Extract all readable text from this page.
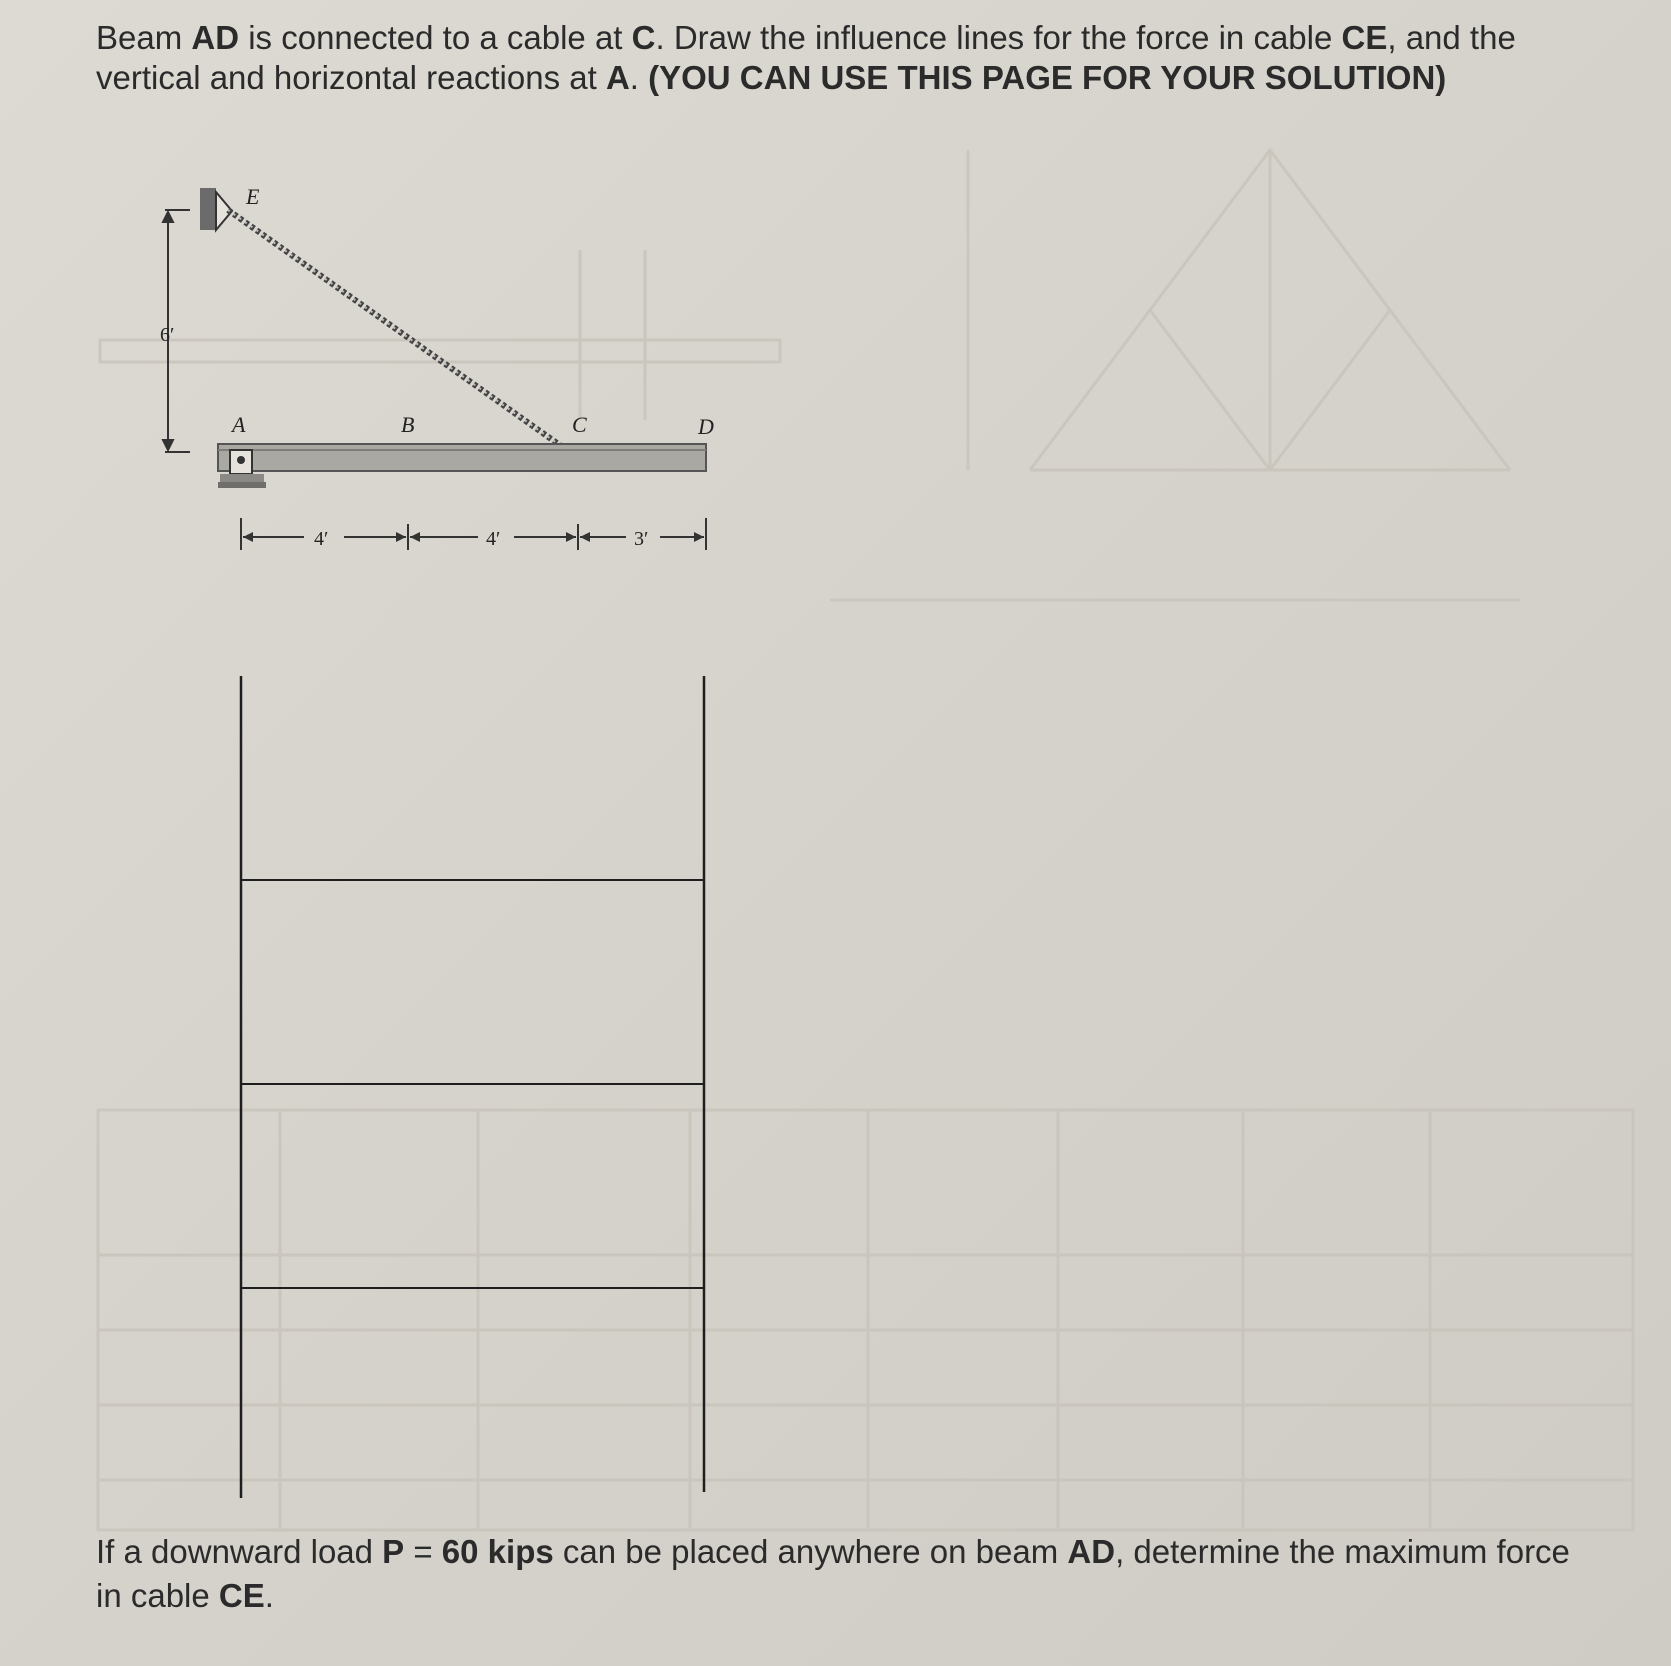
Beam AD is connected to a cable at C. Draw the influence lines for the force in cable CE, and the
vertical and horizontal reactions at A. (YOU CAN USE THIS PAGE FOR YOUR SOLUTION)
E
6′
A	B	C	D
4′	4′	3′
If a downward load P = 60 kips can be placed anywhere on beam AD, determine the maximum force
in cable CE.
